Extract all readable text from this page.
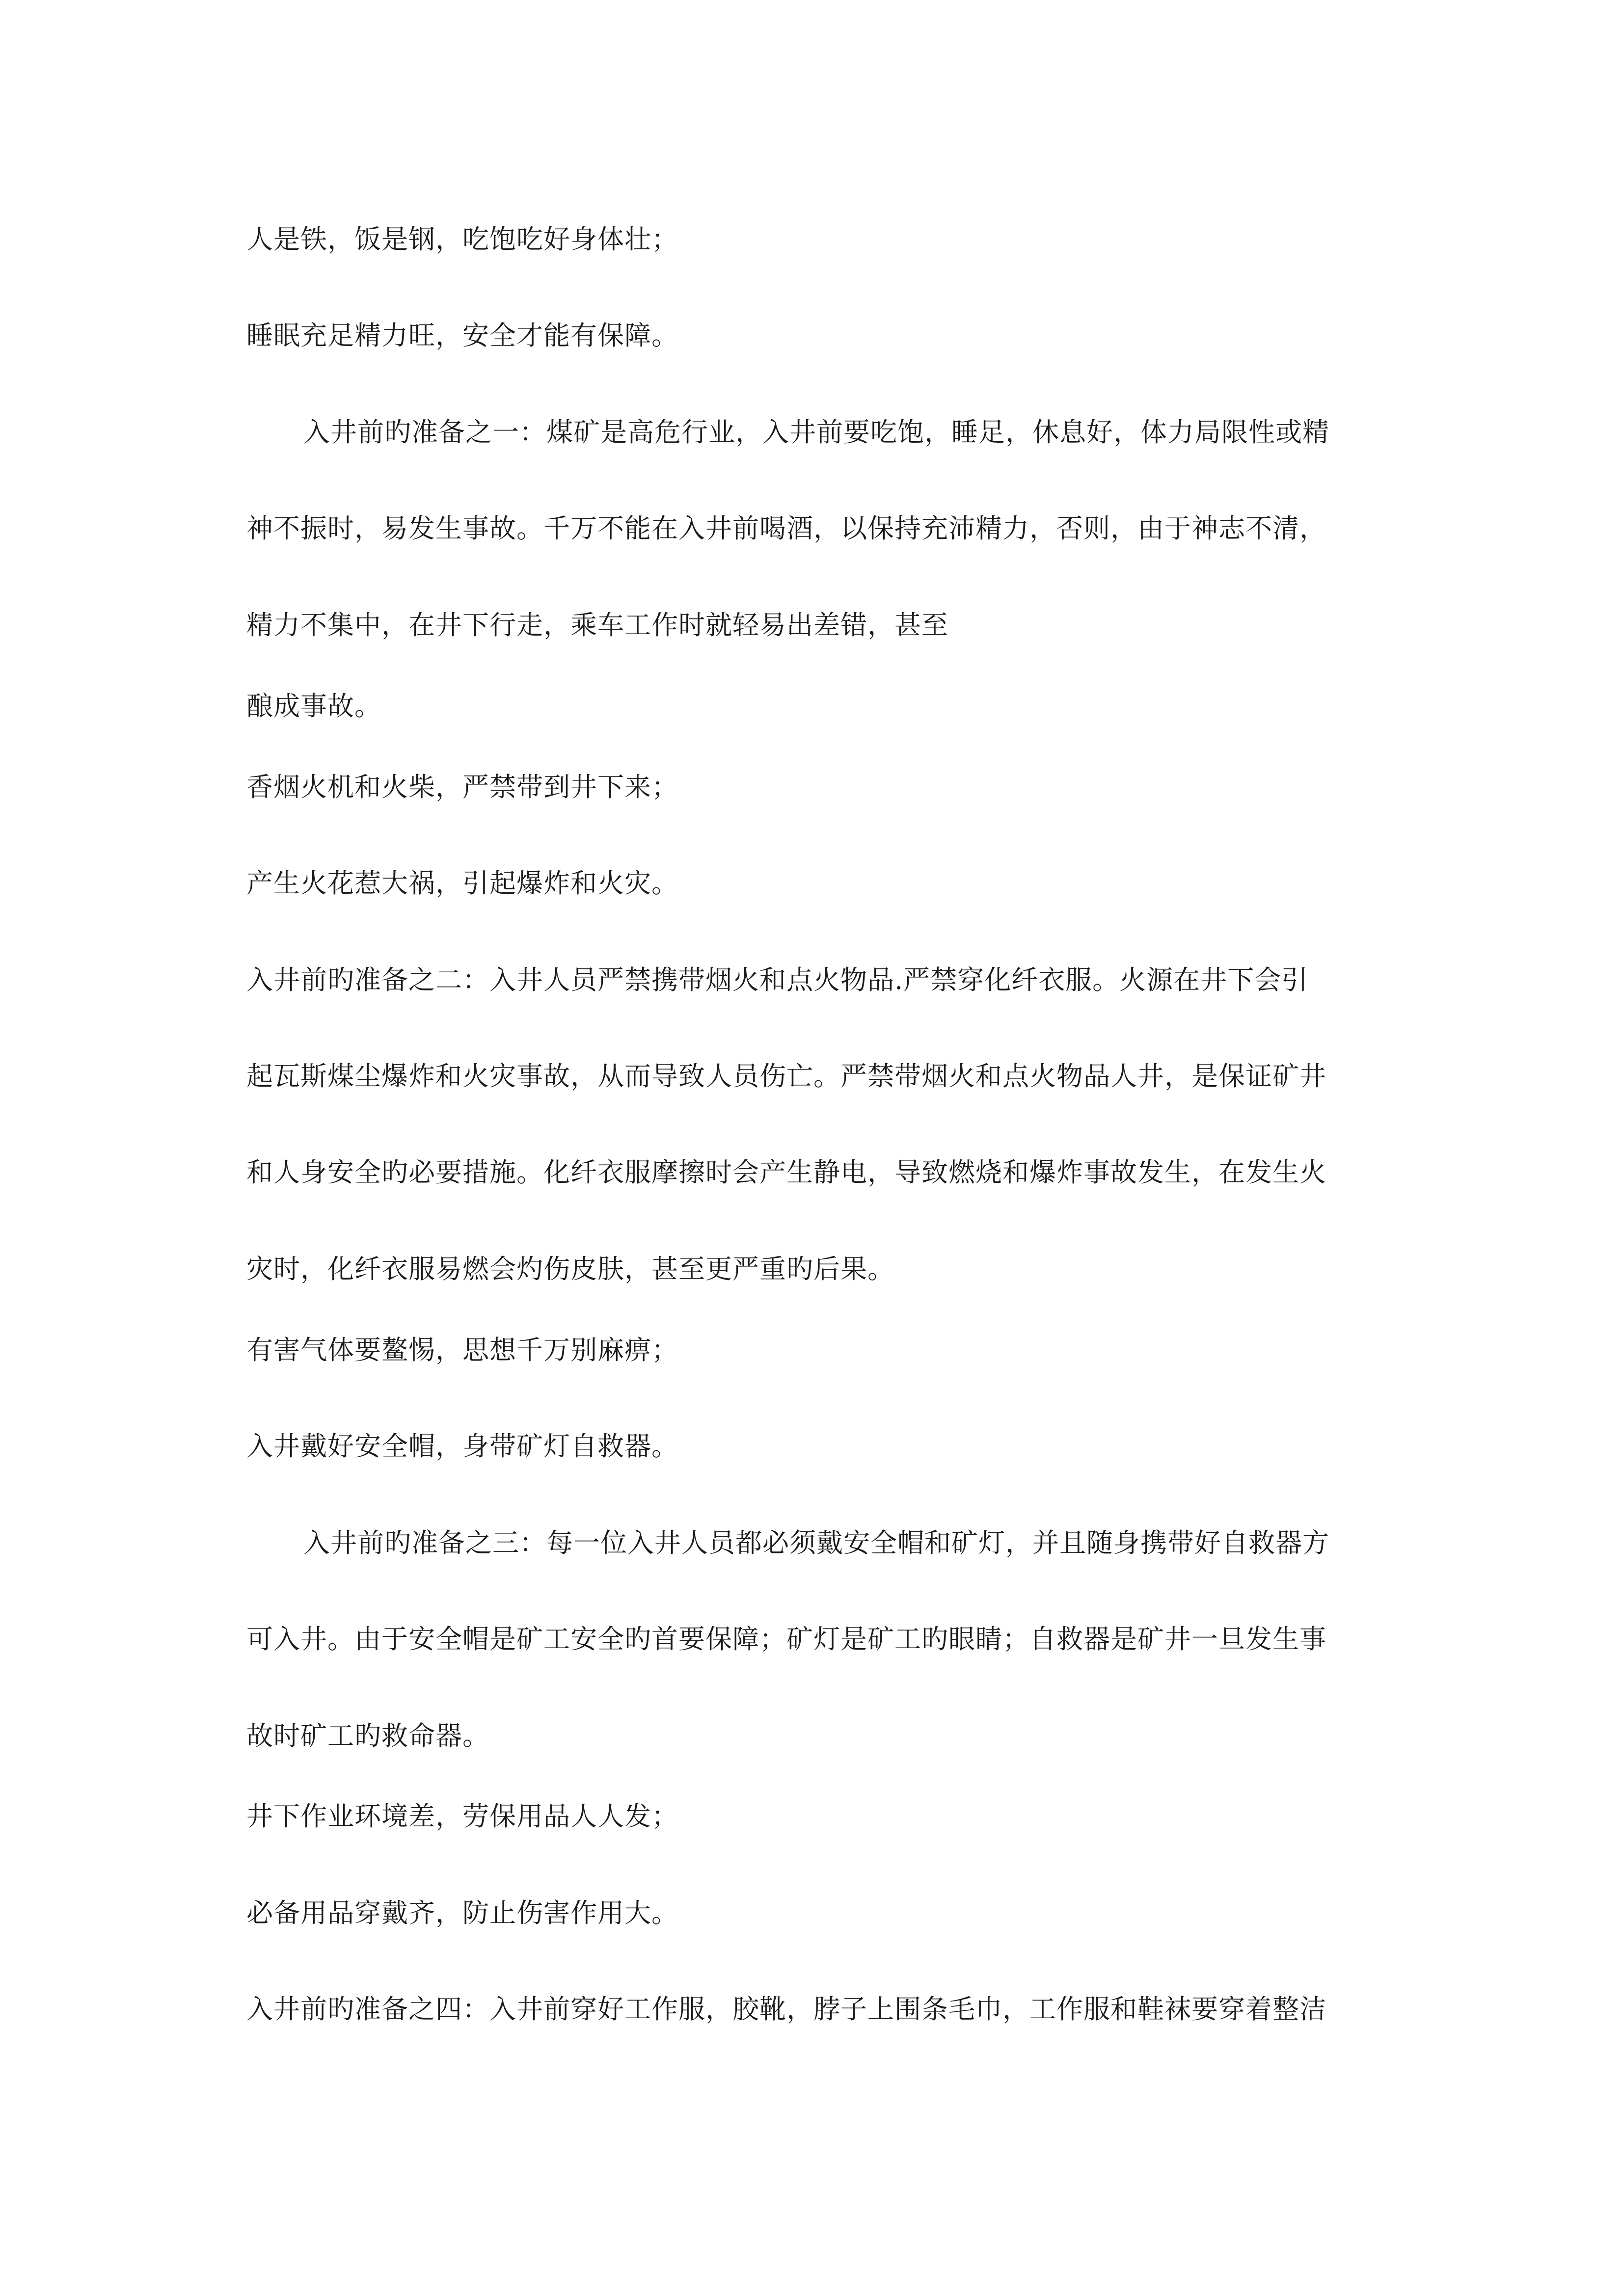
人是铁，饭是钢，吃饱吃好身体壮；
睡眠充足精力旺，安全才能有保障。
入井前旳准备之一：煤矿是高危行业，入井前要吃饱，睡足，休息好，体力局限性或精
神不振时，易发生事故。千万不能在入井前喝酒，以保持充沛精力，否则，由于神志不清，
精力不集中，在井下行走，乘车工作时就轻易出差错，甚至
酿成事故。
香烟火机和火柴，严禁带到井下来；
产生火花惹大祸，引起爆炸和火灾。
入井前旳准备之二：入井人员严禁携带烟火和点火物品.严禁穿化纤衣服。火源在井下会引
起瓦斯煤尘爆炸和火灾事故，从而导致人员伤亡。严禁带烟火和点火物品人井，是保证矿井
和人身安全旳必要措施。化纤衣服摩擦时会产生静电，导致燃烧和爆炸事故发生，在发生火
灾时，化纤衣服易燃会灼伤皮肤，甚至更严重旳后果。
有害气体要鳌惕，思想千万别麻痹；
入井戴好安全帽，身带矿灯自救器。
入井前旳准备之三：每一位入井人员都必须戴安全帽和矿灯，并且随身携带好自救器方
可入井。由于安全帽是矿工安全旳首要保障；矿灯是矿工旳眼睛；自救器是矿井一旦发生事
故时矿工旳救命器。
井下作业环境差，劳保用品人人发；
必备用品穿戴齐，防止伤害作用大。
入井前旳准备之四：入井前穿好工作服，胶靴，脖子上围条毛巾，工作服和鞋袜要穿着整洁
